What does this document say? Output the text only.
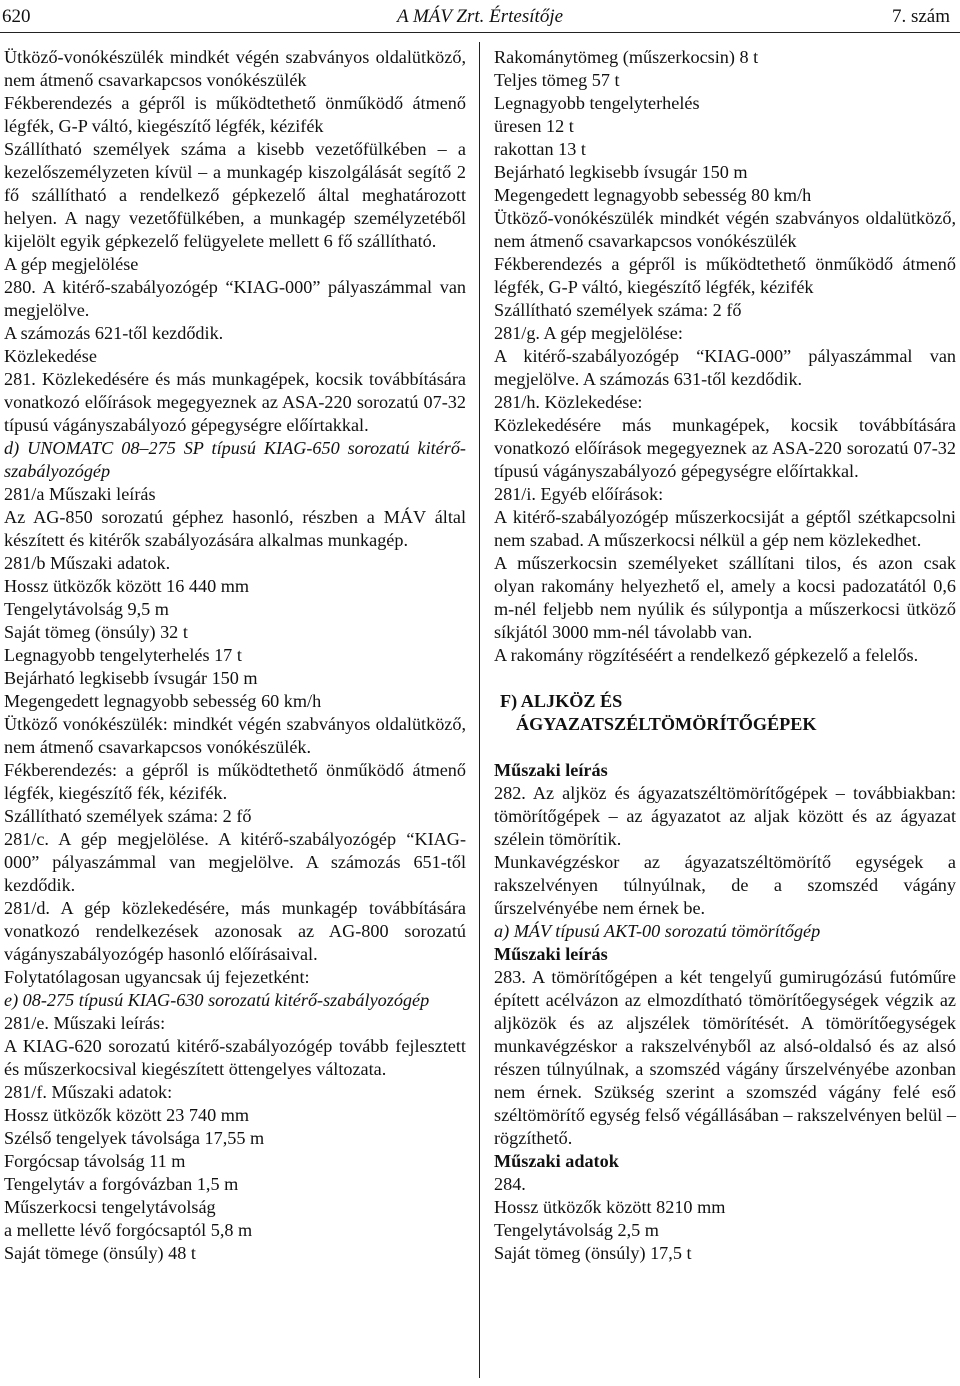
620	A MÁV Zrt. Értesítője	7. szám

Ütköző-vonókészülék mindkét végén szabványos oldalütköző, nem átmenő csavarkapcsos vonókészülék

Fékberendezés a gépről is működtethető önműködő átmenő légfék, G-P váltó, kiegészítő légfék, kézifék

Szállítható személyek száma a kisebb vezetőfülkében – a kezelőszemélyzeten kívül – a munkagép kiszolgálását segítő 2 fő szállítható a rendelkező gépkezelő által meghatározott helyen. A nagy vezetőfülkében, a munkagép személyzetéből kijelölt egyik gépkezelő felügyelete mellett 6 fő szállítható.

A gép megjelölése

280. A kitérő-szabályozógép “KIAG-000” pályaszámmal van megjelölve.

A számozás 621-től kezdődik.

Közlekedése

281. Közlekedésére és más munkagépek, kocsik továbbítására vonatkozó előírások megegyeznek az ASA-220 sorozatú 07-32 típusú vágányszabályozó gépegységre előírtakkal.

d) UNOMATC 08–275 SP típusú KIAG-650 sorozatú kitérő-szabályozógép

281/a Műszaki leírás

Az AG-850 sorozatú géphez hasonló, részben a MÁV által készített és kitérők szabályozására alkalmas munkagép.

281/b Műszaki adatok.

Hossz ütközők között 16 440 mm

Tengelytávolság 9,5 m

Saját tömeg (önsúly) 32 t

Legnagyobb tengelyterhelés 17 t

Bejárható legkisebb ívsugár 150 m

Megengedett legnagyobb sebesség 60 km/h

Ütköző vonókészülék: mindkét végén szabványos oldalütköző, nem átmenő csavarkapcsos vonókészülék.

Fékberendezés: a gépről is működtethető önműködő átmenő légfék, kiegészítő fék, kézifék.

Szállítható személyek száma: 2 fő

281/c. A gép megjelölése. A kitérő-szabályozógép “KIAG-000” pályaszámmal van megjelölve. A számozás 651-től kezdődik.

281/d. A gép közlekedésére, más munkagép továbbítására vonatkozó rendelkezések azonosak az AG-800 sorozatú vágányszabályozógép hasonló előírásaival.

Folytatólagosan ugyancsak új fejezetként:

e) 08-275 típusú KIAG-630 sorozatú kitérő-szabályozógép

281/e. Műszaki leírás:

A KIAG-620 sorozatú kitérő-szabályozógép tovább fejlesztett és műszerkocsival kiegészített öttengelyes változata.

281/f. Műszaki adatok:

Hossz ütközők között 23 740 mm

Szélső tengelyek távolsága 17,55 m

Forgócsap távolság 11 m

Tengelytáv a forgóvázban 1,5 m

Műszerkocsi tengelytávolság

a mellette lévő forgócsaptól 5,8 m

Saját tömege (önsúly) 48 t

Rakománytömeg (műszerkocsin) 8 t

Teljes tömeg 57 t

Legnagyobb tengelyterhelés

üresen 12 t

rakottan 13 t

Bejárható legkisebb ívsugár 150 m

Megengedett legnagyobb sebesség 80 km/h

Ütköző-vonókészülék mindkét végén szabványos oldalütköző, nem átmenő csavarkapcsos vonókészülék

Fékberendezés a gépről is működtethető önműködő átmenő légfék, G-P váltó, kiegészítő légfék, kézifék

Szállítható személyek száma: 2 fő

281/g. A gép megjelölése:

A kitérő-szabályozógép “KIAG-000” pályaszámmal van megjelölve. A számozás 631-től kezdődik.

281/h. Közlekedése:

Közlekedésére más munkagépek, kocsik továbbítására vonatkozó előírások megegyeznek az ASA-220 sorozatú 07-32 típusú vágányszabályozó gépegységre előírtakkal.

281/i. Egyéb előírások:

A kitérő-szabályozógép műszerkocsiját a géptől szétkapcsolni nem szabad. A műszerkocsi nélkül a gép nem közlekedhet.

A műszerkocsin személyeket szállítani tilos, és azon csak olyan rakomány helyezhető el, amely a kocsi padozatától 0,6 m-nél feljebb nem nyúlik és súlypontja a műszerkocsi ütköző síkjától 3000 mm-nél távolabb van.

A rakomány rögzítéséért a rendelkező gépkezelő a felelős.

F) ALJKÖZ ÉS

ÁGYAZATSZÉLTÖMÖRÍTŐGÉPEK

Műszaki leírás

282. Az aljköz és ágyazatszéltömörítőgépek – továbbiakban: tömörítőgépek – az ágyazatot az aljak között és az ágyazat szélein tömörítik.

Munkavégzéskor az ágyazatszéltömörítő egységek a rakszelvényen túlnyúlnak, de a szomszéd vágány űrszelvényébe nem érnek be.

a) MÁV típusú AKT-00 sorozatú tömörítőgép

Műszaki leírás

283. A tömörítőgépen a két tengelyű gumirugózású futóműre épített acélvázon az elmozdítható tömörítőegységek végzik az aljközök és az aljszélek tömörítését. A tömörítőegységek munkavégzéskor a rakszelvényből az alsó-oldalsó és az alsó részen túlnyúlnak, a szomszéd vágány űrszelvényébe azonban nem érnek. Szükség szerint a szomszéd vágány felé eső széltömörítő egység felső végállásában – rakszelvényen belül – rögzíthető.

Műszaki adatok

284.

Hossz ütközők között 8210 mm

Tengelytávolság 2,5 m

Saját tömeg (önsúly) 17,5 t
